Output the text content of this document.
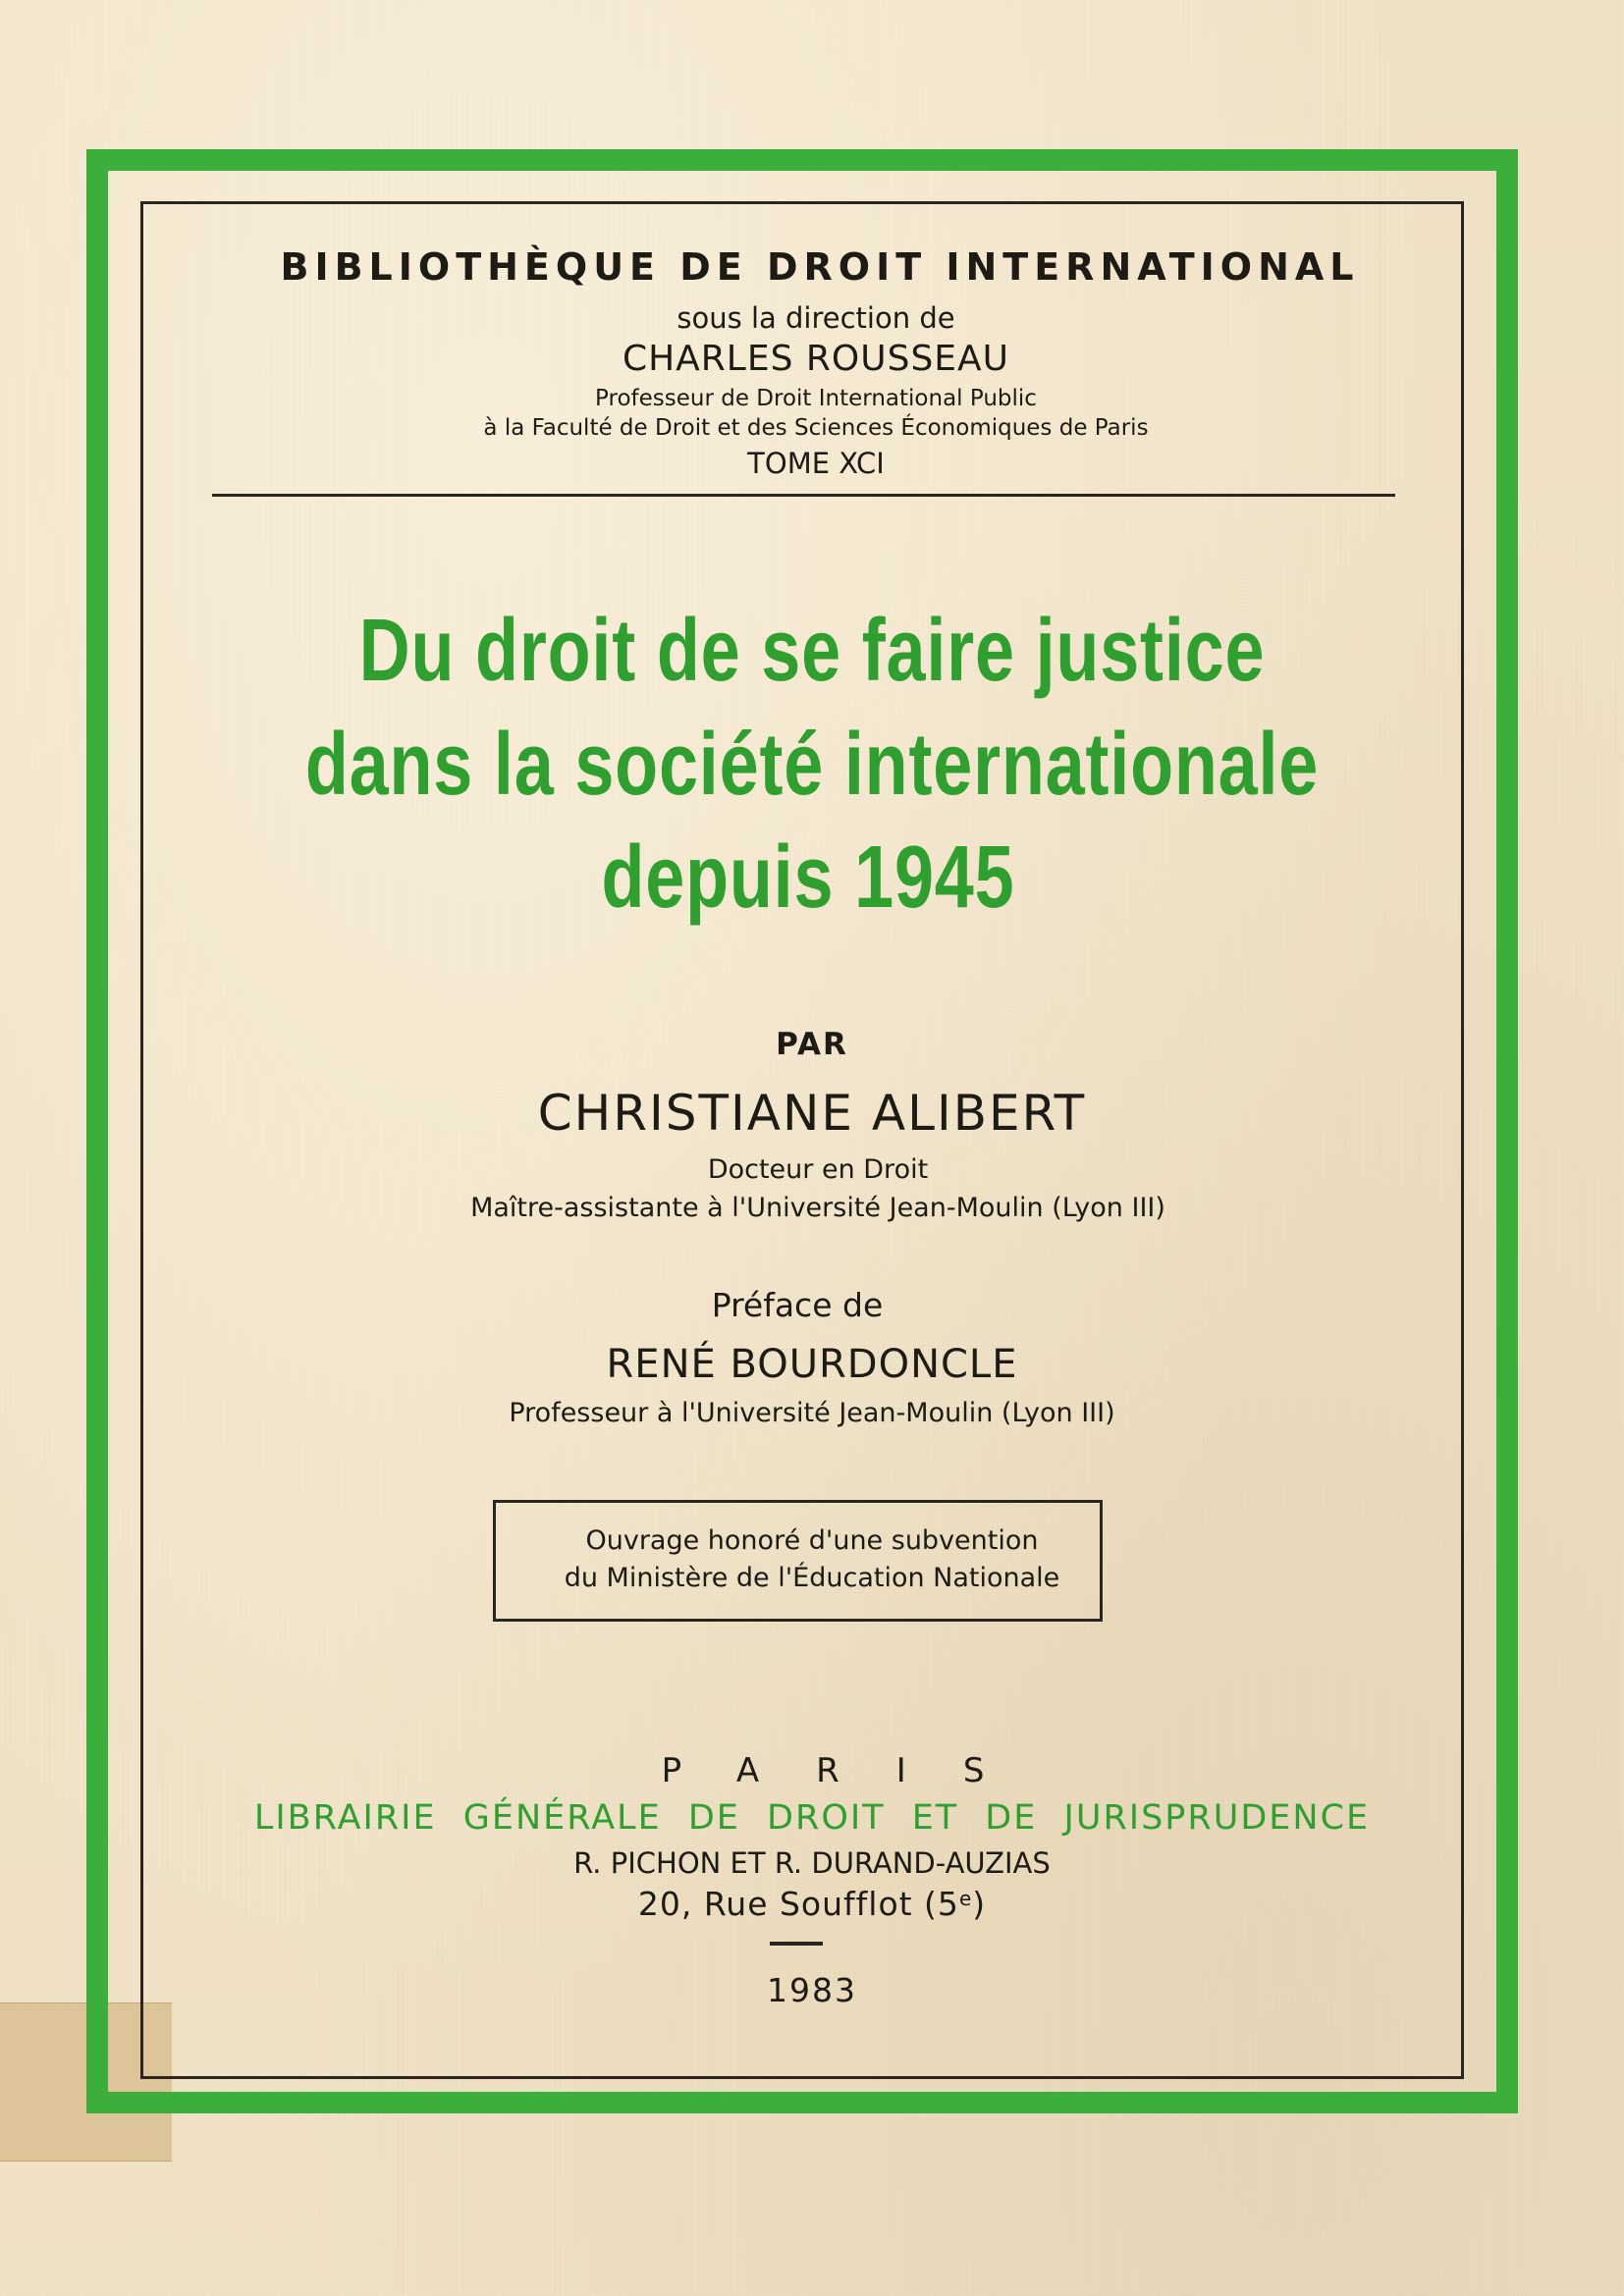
BIBLIOTHÈQUE DE DROIT INTERNATIONAL
sous la direction de
CHARLES ROUSSEAU
Professeur de Droit International Public
à la Faculté de Droit et des Sciences Économiques de Paris
TOME XCI
Du droit de se faire justice
dans la société internationale
depuis 1945
PAR
CHRISTIANE ALIBERT
Docteur en Droit
Maître-assistante à l'Université Jean-Moulin (Lyon III)
Préface de
RENÉ BOURDONCLE
Professeur à l'Université Jean-Moulin (Lyon III)
Ouvrage honoré d'une subvention
du Ministère de l'Éducation Nationale
PARIS
LIBRAIRIE GÉNÉRALE DE DROIT ET DE JURISPRUDENCE
R. PICHON ET R. DURAND-AUZIAS
20, Rue Soufflot (5e)
1983
